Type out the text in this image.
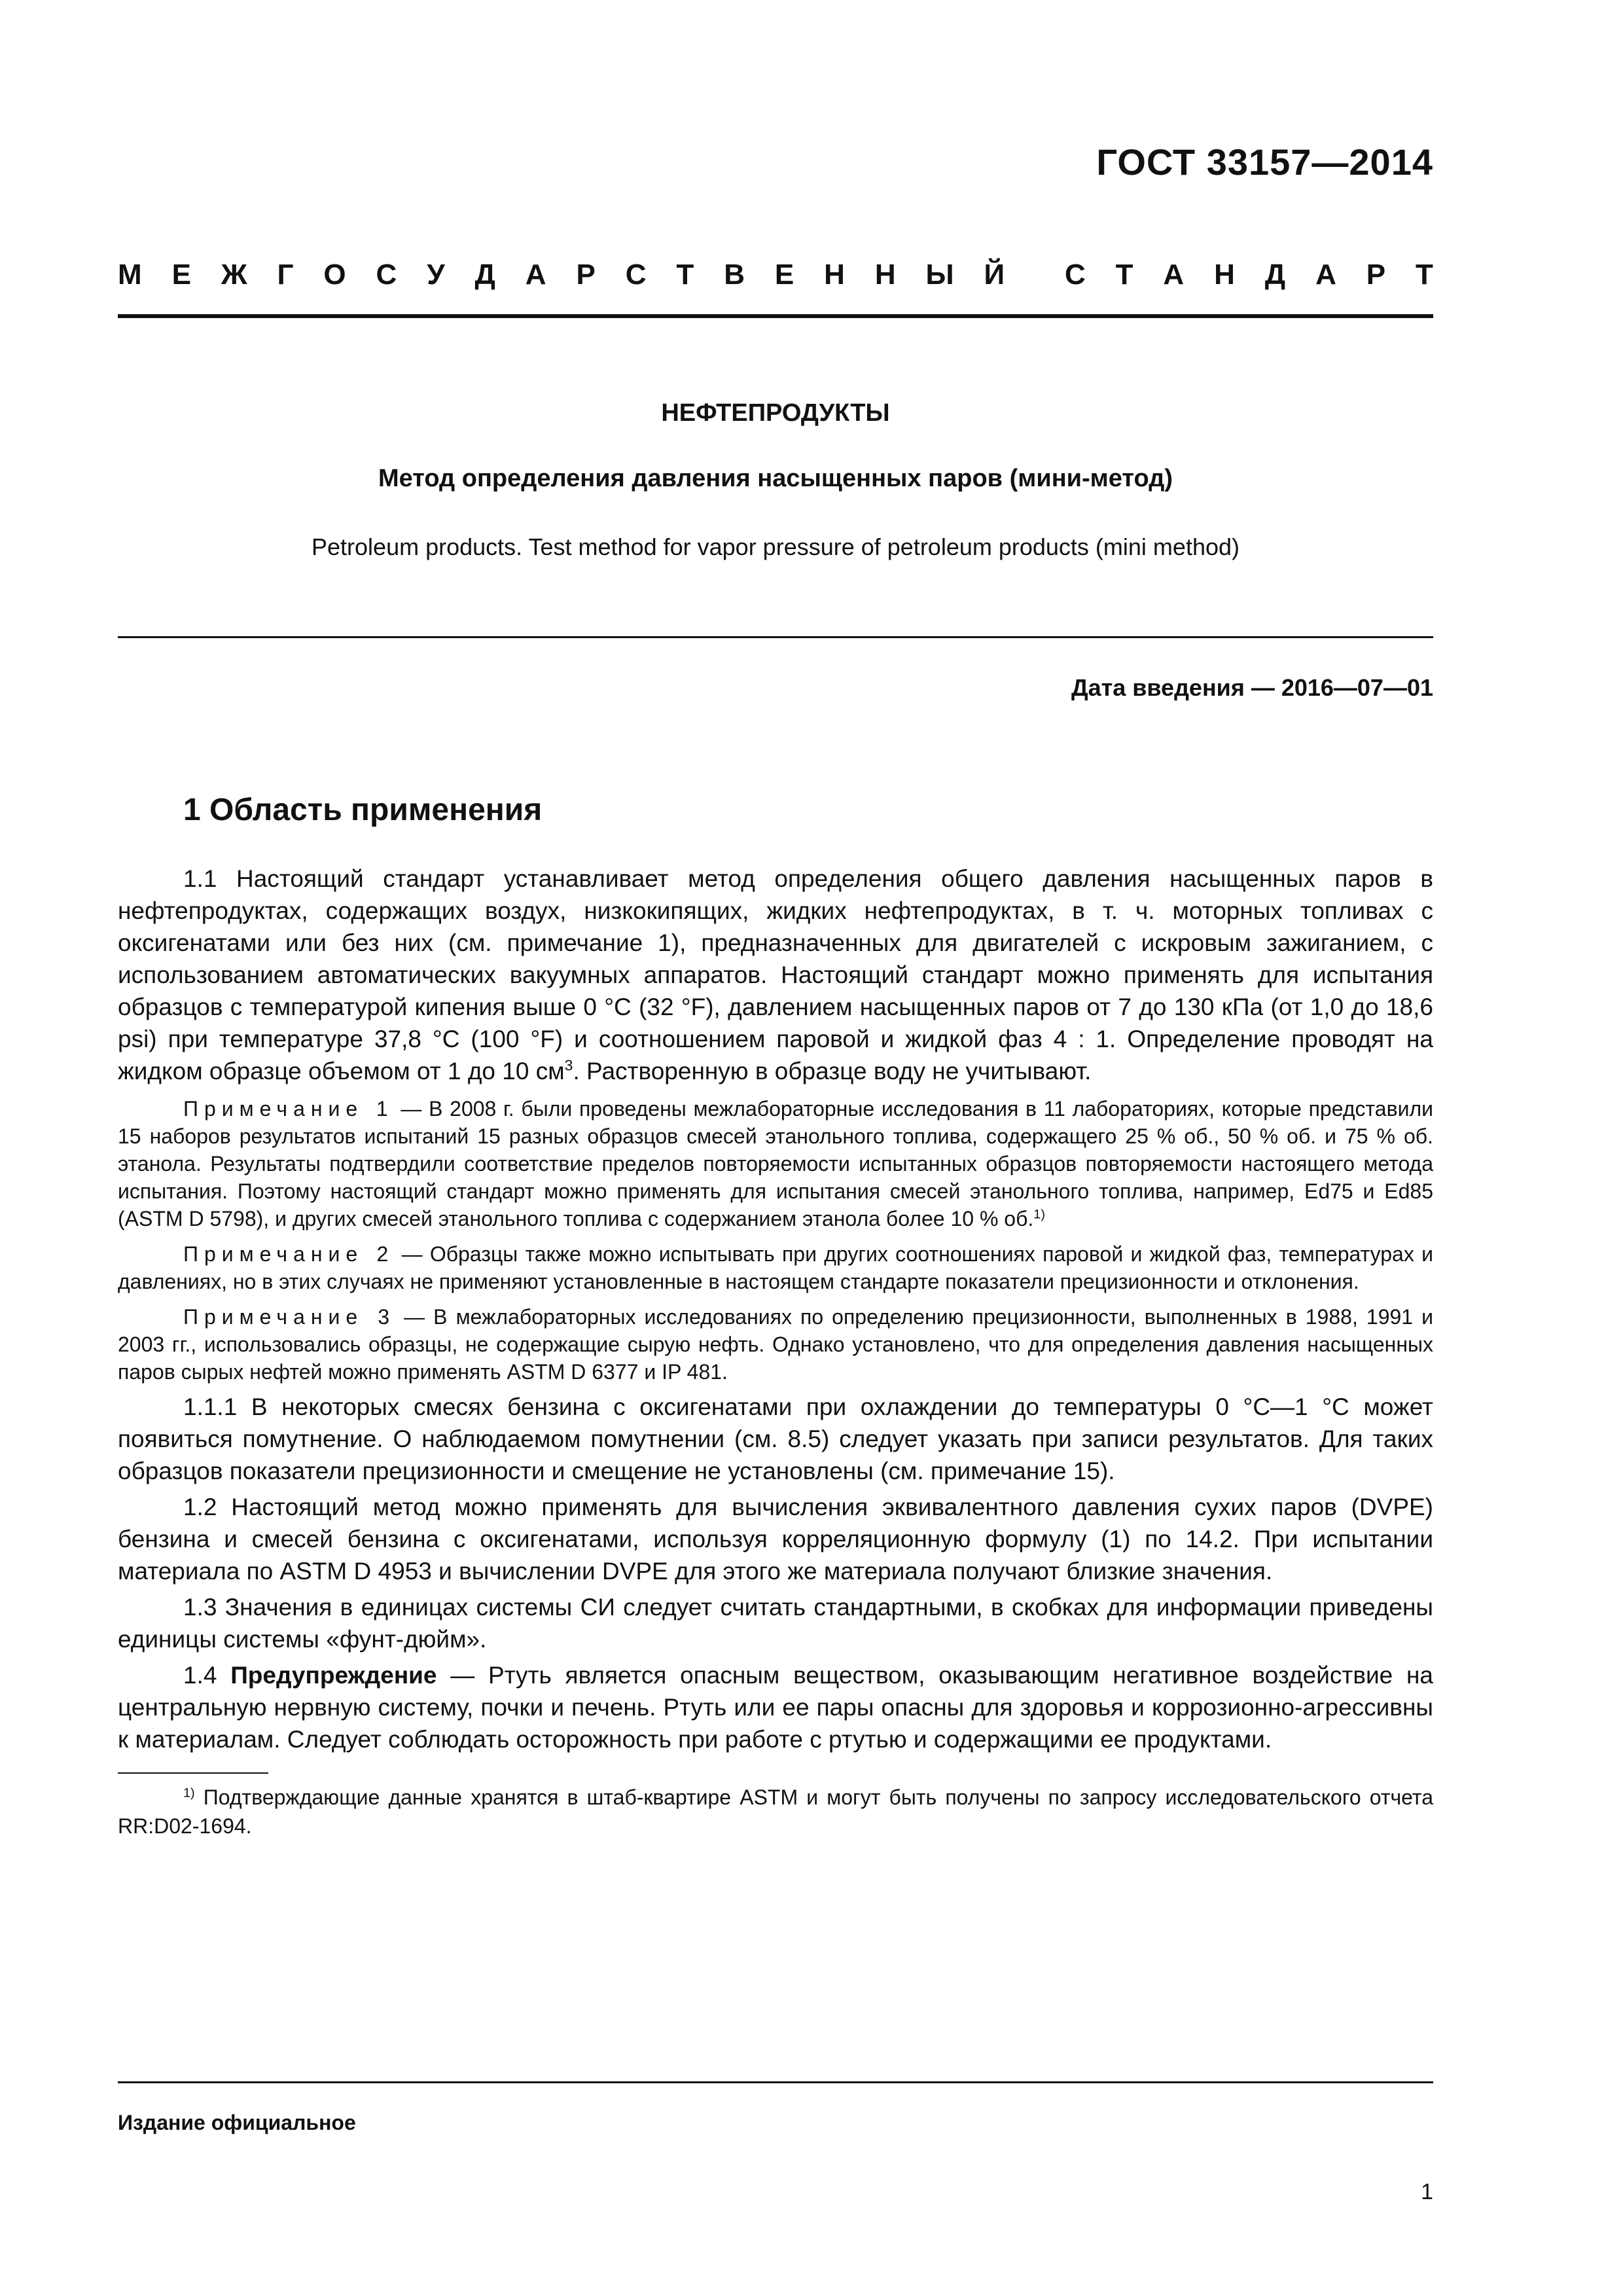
ГОСТ 33157—2014
М Е Ж Г О С У Д А Р С Т В Е Н Н Ы Й С Т А Н Д А Р Т
НЕФТЕПРОДУКТЫ
Метод определения давления насыщенных паров (мини-метод)
Petroleum products. Test method for vapor pressure of petroleum products (mini method)
Дата введения — 2016—07—01
1 Область применения

1.1 Настоящий стандарт устанавливает метод определения общего давления насыщенных паров в нефтепродуктах, содержащих воздух, низкокипящих, жидких нефтепродуктах, в т. ч. моторных топливах с оксигенатами или без них (см. примечание 1), предназначенных для двигателей с искровым зажиганием, с использованием автоматических вакуумных аппаратов. Настоящий стандарт можно применять для испытания образцов с температурой кипения выше 0 °С (32 °F), давлением насыщенных паров от 7 до 130 кПа (от 1,0 до 18,6 psi) при температуре 37,8 °С (100 °F) и соотношением паровой и жидкой фаз 4 : 1. Определение проводят на жидком образце объемом от 1 до 10 $см^3$. Растворенную в образце воду не учитывают.

Примечание 1 — В 2008 г. были проведены межлабораторные исследования в 11 лабораториях, которые представили 15 наборов результатов испытаний 15 разных образцов смесей этанольного топлива, содержащего 25 % об., 50 % об. и 75 % об. этанола. Результаты подтвердили соответствие пределов повторяемости испытанных образцов повторяемости настоящего метода испытания. Поэтому настоящий стандарт можно применять для испытания смесей этанольного топлива, например, Ed75 и Ed85 (ASTM D 5798), и других смесей этанольного топлива с содержанием этанола более 10 % об.$^{1)}$

Примечание 2 — Образцы также можно испытывать при других соотношениях паровой и жидкой фаз, температурах и давлениях, но в этих случаях не применяют установленные в настоящем стандарте показатели прецизионности и отклонения.

Примечание 3 — В межлабораторных исследованиях по определению прецизионности, выполненных в 1988, 1991 и 2003 гг., использовались образцы, не содержащие сырую нефть. Однако установлено, что для определения давления насыщенных паров сырых нефтей можно применять ASTM D 6377 и IP 481.

1.1.1 В некоторых смесях бензина с оксигенатами при охлаждении до температуры 0 °С—1 °С может появиться помутнение. О наблюдаемом помутнении (см. 8.5) следует указать при записи результатов. Для таких образцов показатели прецизионности и смещение не установлены (см. примечание 15).

1.2 Настоящий метод можно применять для вычисления эквивалентного давления сухих паров (DVPE) бензина и смесей бензина с оксигенатами, используя корреляционную формулу (1) по 14.2. При испытании материала по ASTM D 4953 и вычислении DVPE для этого же материала получают близкие значения.

1.3 Значения в единицах системы СИ следует считать стандартными, в скобках для информации приведены единицы системы «фунт-дюйм».

1.4 Предупреждение — Ртуть является опасным веществом, оказывающим негативное воздействие на центральную нервную систему, почки и печень. Ртуть или ее пары опасны для здоровья и коррозионно-агрессивны к материалам. Следует соблюдать осторожность при работе с ртутью и содержащими ее продуктами.

$^{1)}$ Подтверждающие данные хранятся в штаб-квартире ASTM и могут быть получены по запросу исследовательского отчета RR:D02-1694.

Издание официальное
1
